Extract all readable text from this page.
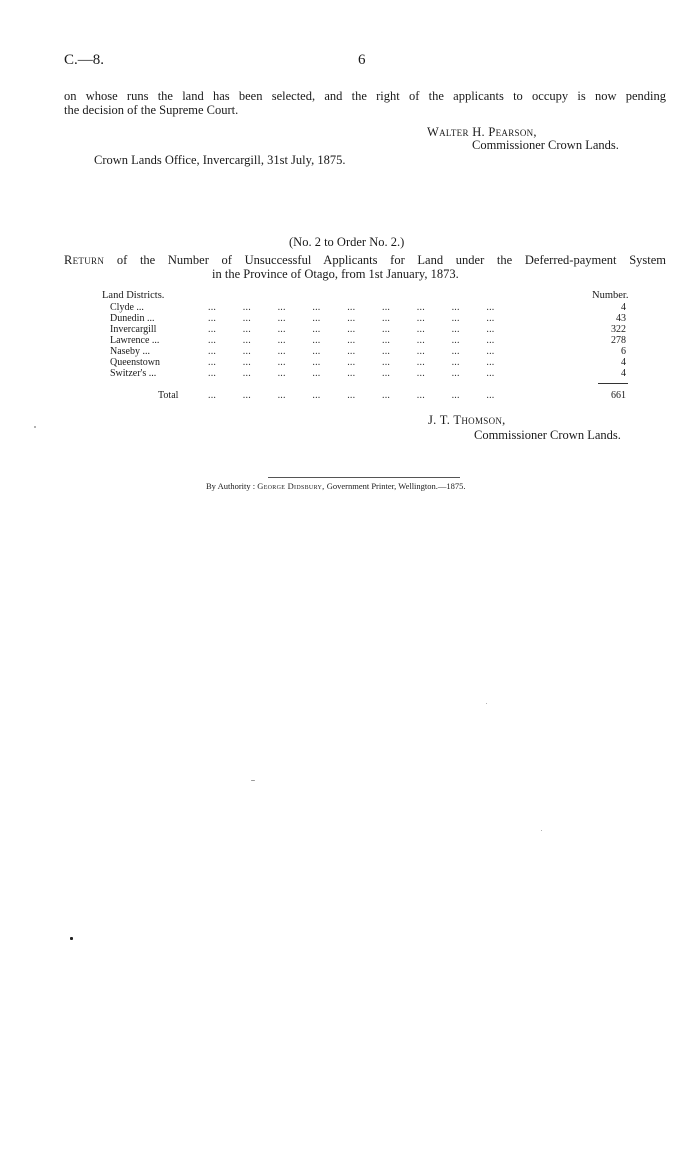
C.—8.	6
on whose runs the land has been selected, and the right of the applicants to occupy is now pending
the decision of the Supreme Court.
Walter H. Pearson,
Commissioner Crown Lands.
Crown Lands Office, Invercargill, 31st July, 1875.
(No. 2 to Order No. 2.)
Return of the Number of Unsuccessful Applicants for Land under the Deferred-payment System
in the Province of Otago, from 1st January, 1873.
Land Districts.	Number.
Clyde ...	... ... ... ... ... ... ... ... ...	4
Dunedin ...	... ... ... ... ... ... ... ... ...	43
Invercargill	... ... ... ... ... ... ... ... ...	322
Lawrence ...	... ... ... ... ... ... ... ... ...	278
Naseby ...	... ... ... ... ... ... ... ... ...	6
Queenstown	... ... ... ... ... ... ... ... ...	4
Switzer's ...	... ... ... ... ... ... ... ... ...	4
Total	... ... ... ... ... ... ... ... ...	661
J. T. Thomson,
Commissioner Crown Lands.
By Authority : George Didsbury, Government Printer, Wellington.—1875.
